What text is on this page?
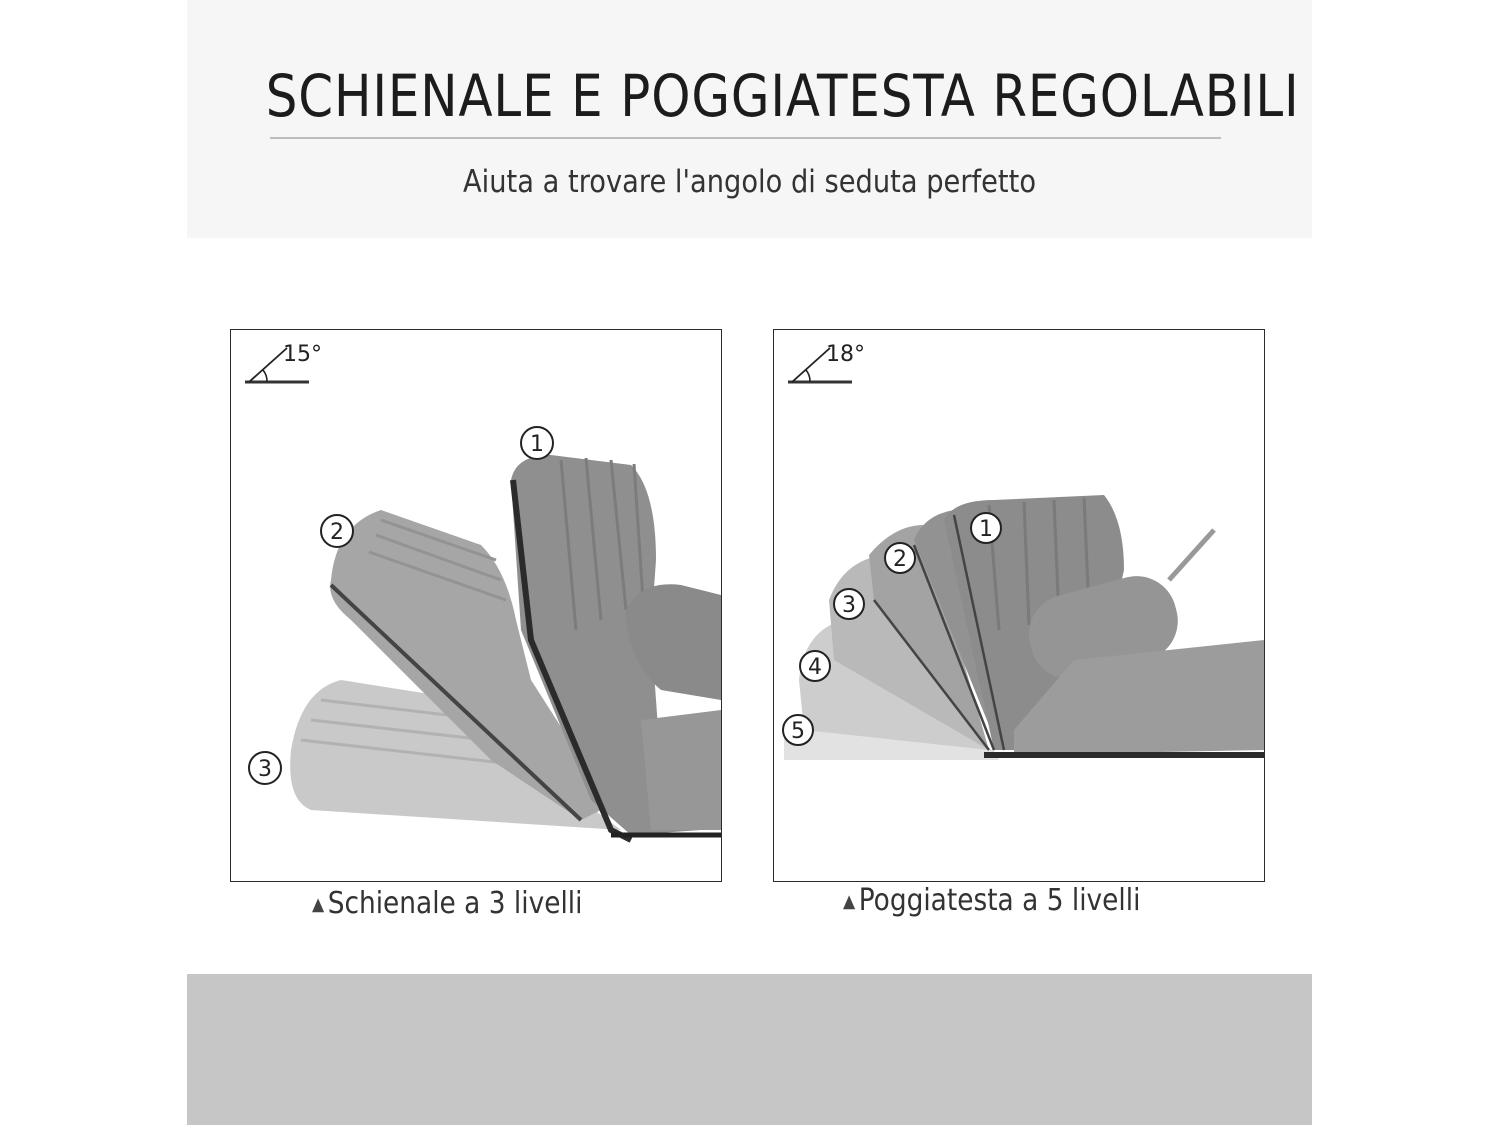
SCHIENALE E POGGIATESTA REGOLABILI
Aiuta a trovare l'angolo di seduta perfetto
15°
1
2
3
18°
1
2
3
4
5
▲ Schienale a 3 livelli	▲ Poggiatesta a 5 livelli
